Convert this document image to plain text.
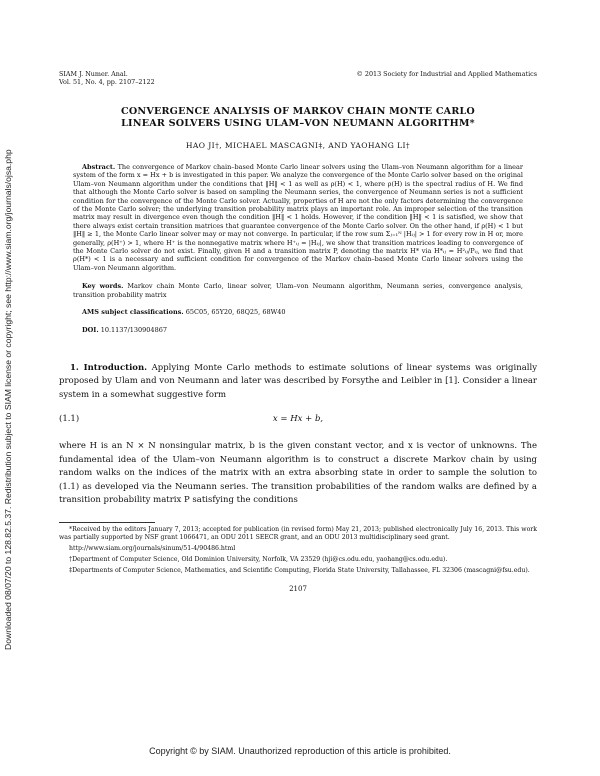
Downloaded 08/07/20 to 128.82.5.37. Redistribution subject to SIAM license or copyright; see http://www.siam.org/journals/ojsa.php
SIAM J. Numer. Anal.
Vol. 51, No. 4, pp. 2107–2122
© 2013 Society for Industrial and Applied Mathematics
CONVERGENCE ANALYSIS OF MARKOV CHAIN MONTE CARLO
LINEAR SOLVERS USING ULAM–VON NEUMANN ALGORITHM*
HAO JI†, MICHAEL MASCAGNI‡, AND YAOHANG LI†
Abstract. The convergence of Markov chain–based Monte Carlo linear solvers using the Ulam–von Neumann algorithm for a linear system of the form x = Hx + b is investigated in this paper. We analyze the convergence of the Monte Carlo solver based on the original Ulam–von Neumann algorithm under the conditions that ‖H‖ < 1 as well as ρ(H) < 1, where ρ(H) is the spectral radius of H. We find that although the Monte Carlo solver is based on sampling the Neumann series, the convergence of Neumann series is not a sufficient condition for the convergence of the Monte Carlo solver. Actually, properties of H are not the only factors determining the convergence of the Monte Carlo solver; the underlying transition probability matrix plays an important role. An improper selection of the transition matrix may result in divergence even though the condition ‖H‖ < 1 holds. However, if the condition ‖H‖ < 1 is satisfied, we show that there always exist certain transition matrices that guarantee convergence of the Monte Carlo solver. On the other hand, if ρ(H) < 1 but ‖H‖ ≥ 1, the Monte Carlo linear solver may or may not converge. In particular, if the row sum Σⱼ₌₁ᴺ |Hᵢⱼ| > 1 for every row in H or, more generally, ρ(H⁺) > 1, where H⁺ is the nonnegative matrix where H⁺ᵢⱼ = |Hᵢⱼ|, we show that transition matrices leading to convergence of the Monte Carlo solver do not exist. Finally, given H and a transition matrix P, denoting the matrix H* via H*ᵢⱼ = H²ᵢⱼ/Pᵢⱼ, we find that ρ(H*) < 1 is a necessary and sufficient condition for convergence of the Markov chain–based Monte Carlo linear solvers using the Ulam–von Neumann algorithm.
Key words. Markov chain Monte Carlo, linear solver, Ulam–von Neumann algorithm, Neumann series, convergence analysis, transition probability matrix
AMS subject classifications. 65C05, 65Y20, 68Q25, 68W40
DOI. 10.1137/130904867
1. Introduction. Applying Monte Carlo methods to estimate solutions of linear systems was originally proposed by Ulam and von Neumann and later was described by Forsythe and Leibler in [1]. Consider a linear system in a somewhat suggestive form
(1.1)	x = Hx + b,
where H is an N × N nonsingular matrix, b is the given constant vector, and x is vector of unknowns. The fundamental idea of the Ulam–von Neumann algorithm is to construct a discrete Markov chain by using random walks on the indices of the matrix with an extra absorbing state in order to sample the solution to (1.1) as developed via the Neumann series. The transition probabilities of the random walks are defined by a transition probability matrix P satisfying the conditions
*Received by the editors January 7, 2013; accepted for publication (in revised form) May 21, 2013; published electronically July 16, 2013. This work was partially supported by NSF grant 1066471, an ODU 2011 SEECR grant, and an ODU 2013 multidisciplinary seed grant.
http://www.siam.org/journals/sinum/51-4/90486.html
†Department of Computer Science, Old Dominion University, Norfolk, VA 23529 (hji@cs.odu.edu, yaohang@cs.odu.edu).
‡Departments of Computer Science, Mathematics, and Scientific Computing, Florida State University, Tallahassee, FL 32306 (mascagni@fsu.edu).
2107
Copyright © by SIAM. Unauthorized reproduction of this article is prohibited.
